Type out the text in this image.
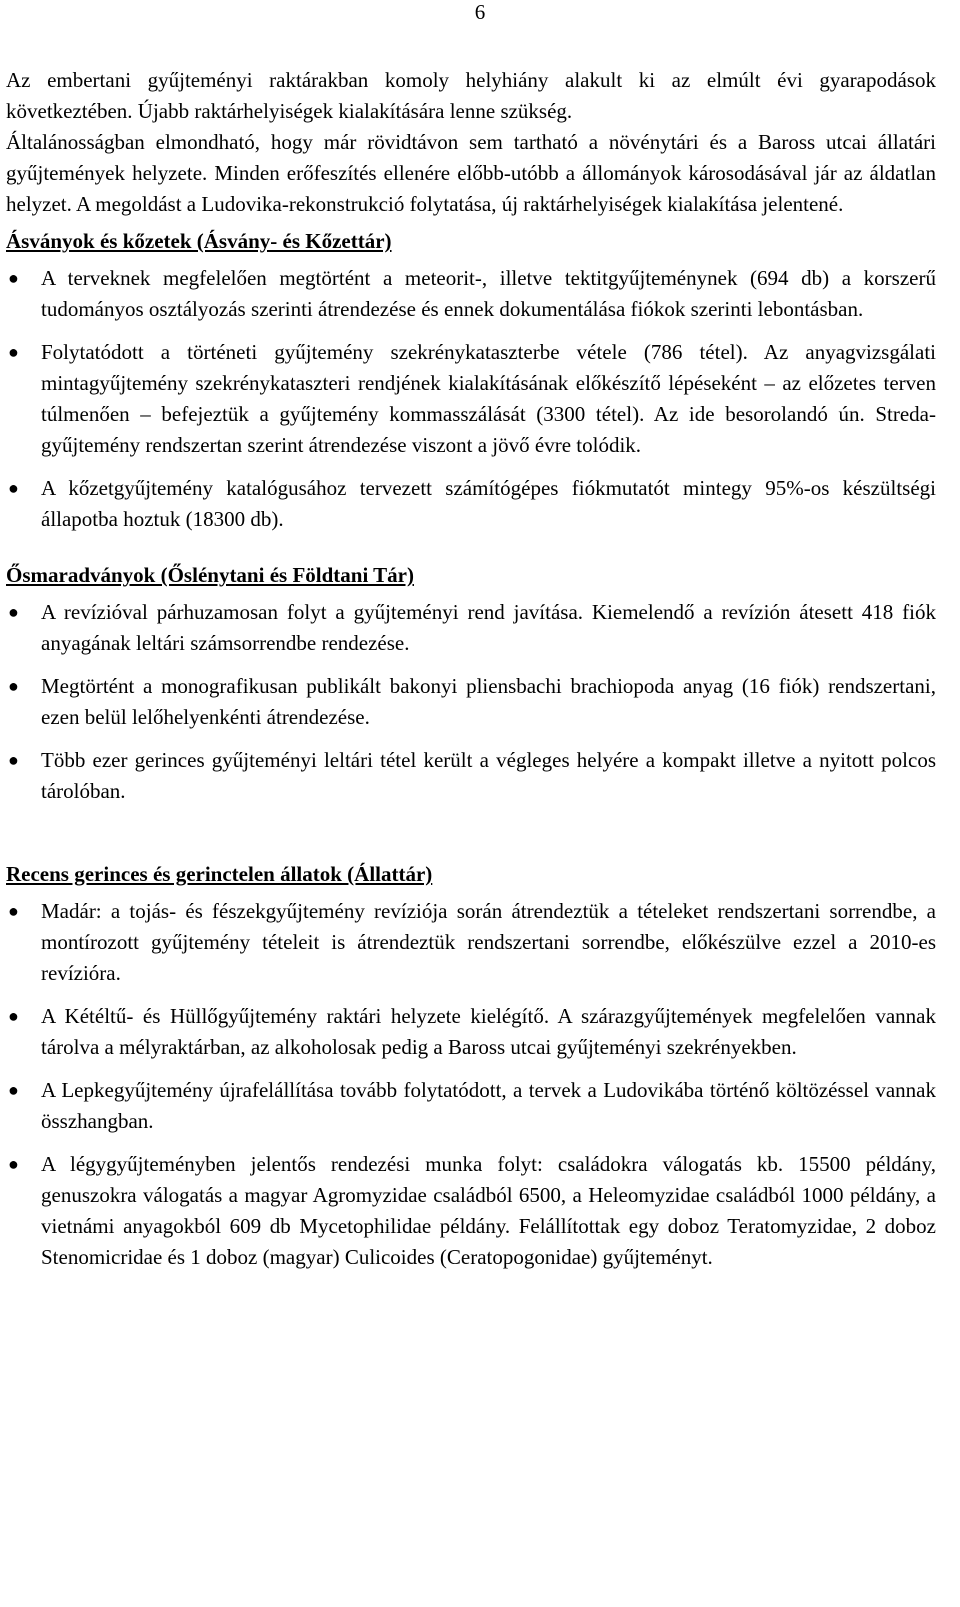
6

Az embertani gyűjteményi raktárakban komoly helyhiány alakult ki az elmúlt évi gyarapodások következtében. Újabb raktárhelyiségek kialakítására lenne szükség.

Általánosságban elmondható, hogy már rövidtávon sem tartható a növénytári és a Baross utcai állatári gyűjtemények helyzete. Minden erőfeszítés ellenére előbb-utóbb a állományok károsodásával jár az áldatlan helyzet. A megoldást a Ludovika-rekonstrukció folytatása, új raktárhelyiségek kialakítása jelentené.

Ásványok és kőzetek (Ásvány- és Kőzettár)
● A terveknek megfelelően megtörtént a meteorit-, illetve tektitgyűjteménynek (694 db) a korszerű tudományos osztályozás szerinti átrendezése és ennek dokumentálása fiókok szerinti lebontásban.
● Folytatódott a történeti gyűjtemény szekrénykataszterbe vétele (786 tétel). Az anyagvizsgálati mintagyűjtemény szekrénykataszteri rendjének kialakításának előkészítő lépéseként – az előzetes terven túlmenően – befejeztük a gyűjtemény kommasszálását (3300 tétel). Az ide besorolandó ún. Streda-gyűjtemény rendszertan szerint átrendezése viszont a jövő évre tolódik.
● A kőzetgyűjtemény katalógusához tervezett számítógépes fiókmutatót mintegy 95%-os készültségi állapotba hoztuk (18300 db).
Ősmaradványok (Őslénytani és Földtani Tár)
● A revízióval párhuzamosan folyt a gyűjteményi rend javítása. Kiemelendő a revízión átesett 418 fiók anyagának leltári számsorrendbe rendezése.
● Megtörtént a monografikusan publikált bakonyi pliensbachi brachiopoda anyag (16 fiók) rendszertani, ezen belül lelőhelyenkénti átrendezése.
● Több ezer gerinces gyűjteményi leltári tétel került a végleges helyére a kompakt illetve a nyitott polcos tárolóban.
Recens gerinces és gerinctelen állatok (Állattár)
● Madár: a tojás- és fészekgyűjtemény revíziója során átrendeztük a tételeket rendszertani sorrendbe, a montírozott gyűjtemény tételeit is átrendeztük rendszertani sorrendbe, előkészülve ezzel a 2010-es revízióra.
● A Kétéltű- és Hüllőgyűjtemény raktári helyzete kielégítő. A szárazgyűjtemények megfelelően vannak tárolva a mélyraktárban, az alkoholosak pedig a Baross utcai gyűjteményi szekrényekben.
● A Lepkegyűjtemény újrafelállítása tovább folytatódott, a tervek a Ludovikába történő költözéssel vannak összhangban.
● A légygyűjteményben jelentős rendezési munka folyt: családokra válogatás kb. 15500 példány, genuszokra válogatás a magyar Agromyzidae családból 6500, a Heleomyzidae családból 1000 példány, a vietnámi anyagokból 609 db Mycetophilidae példány. Felállítottak egy doboz Teratomyzidae, 2 doboz Stenomicridae és 1 doboz (magyar) Culicoides (Ceratopogonidae) gyűjteményt.
